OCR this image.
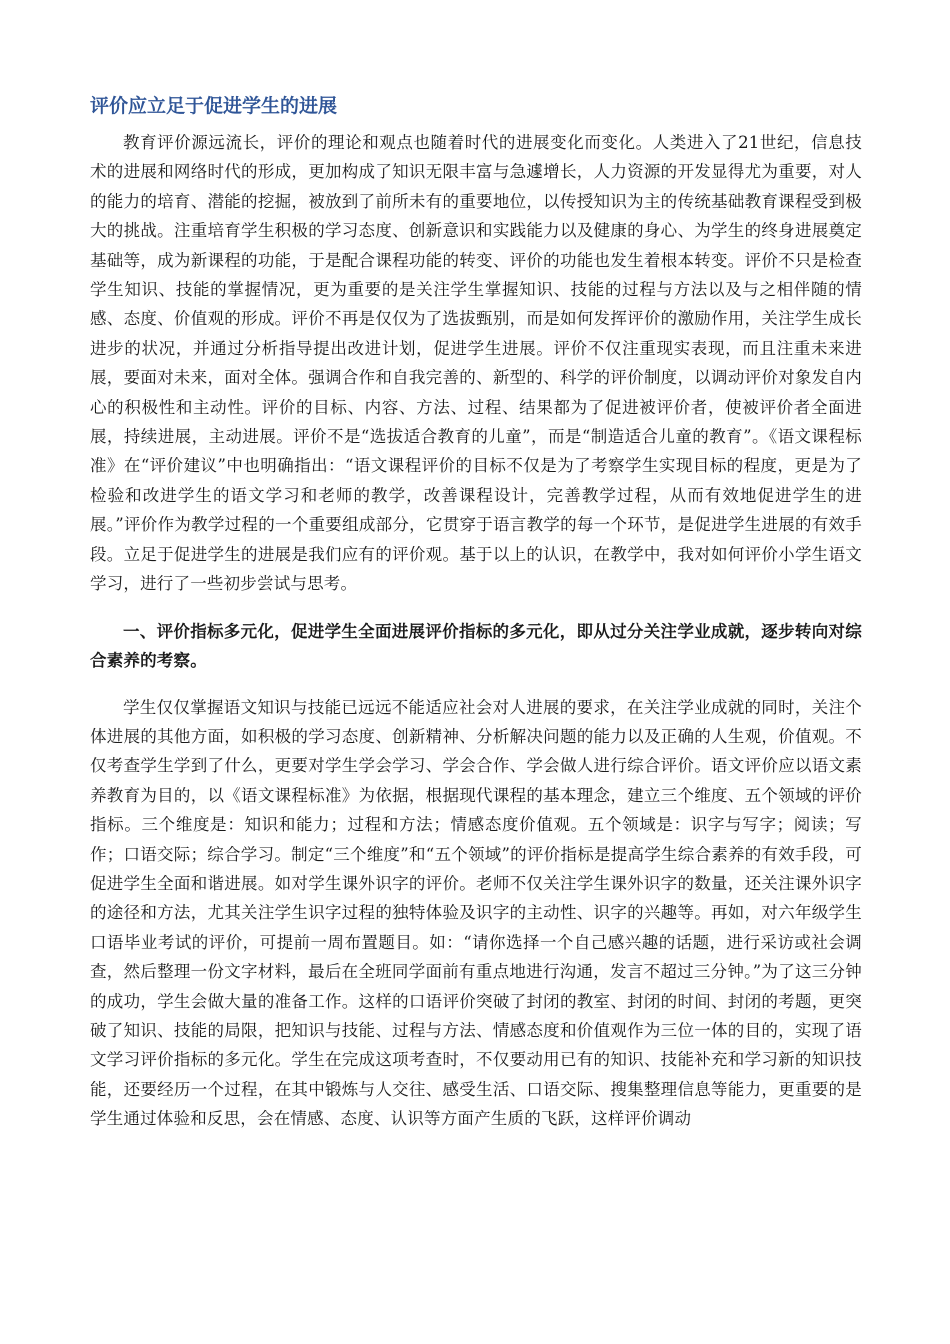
评价应立足于促进学生的进展

教育评价源远流长，评价的理论和观点也随着时代的进展变化而变化。人类进入了21世纪，信息技术的进展和网络时代的形成，更加构成了知识无限丰富与急遽增长，人力资源的开发显得尤为重要，对人的能力的培育、潜能的挖掘，被放到了前所未有的重要地位，以传授知识为主的传统基础教育课程受到极大的挑战。注重培育学生积极的学习态度、创新意识和实践能力以及健康的身心、为学生的终身进展奠定基础等，成为新课程的功能，于是配合课程功能的转变、评价的功能也发生着根本转变。评价不只是检查学生知识、技能的掌握情况，更为重要的是关注学生掌握知识、技能的过程与方法以及与之相伴随的情感、态度、价值观的形成。评价不再是仅仅为了选拔甄别，而是如何发挥评价的激励作用，关注学生成长进步的状况，并通过分析指导提出改进计划，促进学生进展。评价不仅注重现实表现，而且注重未来进展，要面对未来，面对全体。强调合作和自我完善的、新型的、科学的评价制度，以调动评价对象发自内心的积极性和主动性。评价的目标、内容、方法、过程、结果都为了促进被评价者，使被评价者全面进展，持续进展，主动进展。评价不是“选拔适合教育的儿童”，而是“制造适合儿童的教育”。《语文课程标准》在“评价建议”中也明确指出：“语文课程评价的目标不仅是为了考察学生实现目标的程度，更是为了检验和改进学生的语文学习和老师的教学，改善课程设计，完善教学过程，从而有效地促进学生的进展。”评价作为教学过程的一个重要组成部分，它贯穿于语言教学的每一个环节，是促进学生进展的有效手段。立足于促进学生的进展是我们应有的评价观。基于以上的认识，在教学中，我对如何评价小学生语文学习，进行了一些初步尝试与思考。

一、评价指标多元化，促进学生全面进展评价指标的多元化，即从过分关注学业成就，逐步转向对综合素养的考察。

学生仅仅掌握语文知识与技能已远远不能适应社会对人进展的要求，在关注学业成就的同时，关注个体进展的其他方面，如积极的学习态度、创新精神、分析解决问题的能力以及正确的人生观，价值观。不仅考查学生学到了什么，更要对学生学会学习、学会合作、学会做人进行综合评价。语文评价应以语文素养教育为目的，以《语文课程标准》为依据，根据现代课程的基本理念，建立三个维度、五个领域的评价指标。三个维度是：知识和能力；过程和方法；情感态度价值观。五个领域是：识字与写字；阅读；写作；口语交际；综合学习。制定“三个维度”和“五个领域”的评价指标是提高学生综合素养的有效手段，可促进学生全面和谐进展。如对学生课外识字的评价。老师不仅关注学生课外识字的数量，还关注课外识字的途径和方法，尤其关注学生识字过程的独特体验及识字的主动性、识字的兴趣等。再如，对六年级学生口语毕业考试的评价，可提前一周布置题目。如：“请你选择一个自己感兴趣的话题，进行采访或社会调查，然后整理一份文字材料，最后在全班同学面前有重点地进行沟通，发言不超过三分钟。”为了这三分钟的成功，学生会做大量的准备工作。这样的口语评价突破了封闭的教室、封闭的时间、封闭的考题，更突破了知识、技能的局限，把知识与技能、过程与方法、情感态度和价值观作为三位一体的目的，实现了语文学习评价指标的多元化。学生在完成这项考查时，不仅要动用已有的知识、技能补充和学习新的知识技能，还要经历一个过程，在其中锻炼与人交往、感受生活、口语交际、搜集整理信息等能力，更重要的是学生通过体验和反思，会在情感、态度、认识等方面产生质的飞跃，这样评价调动
